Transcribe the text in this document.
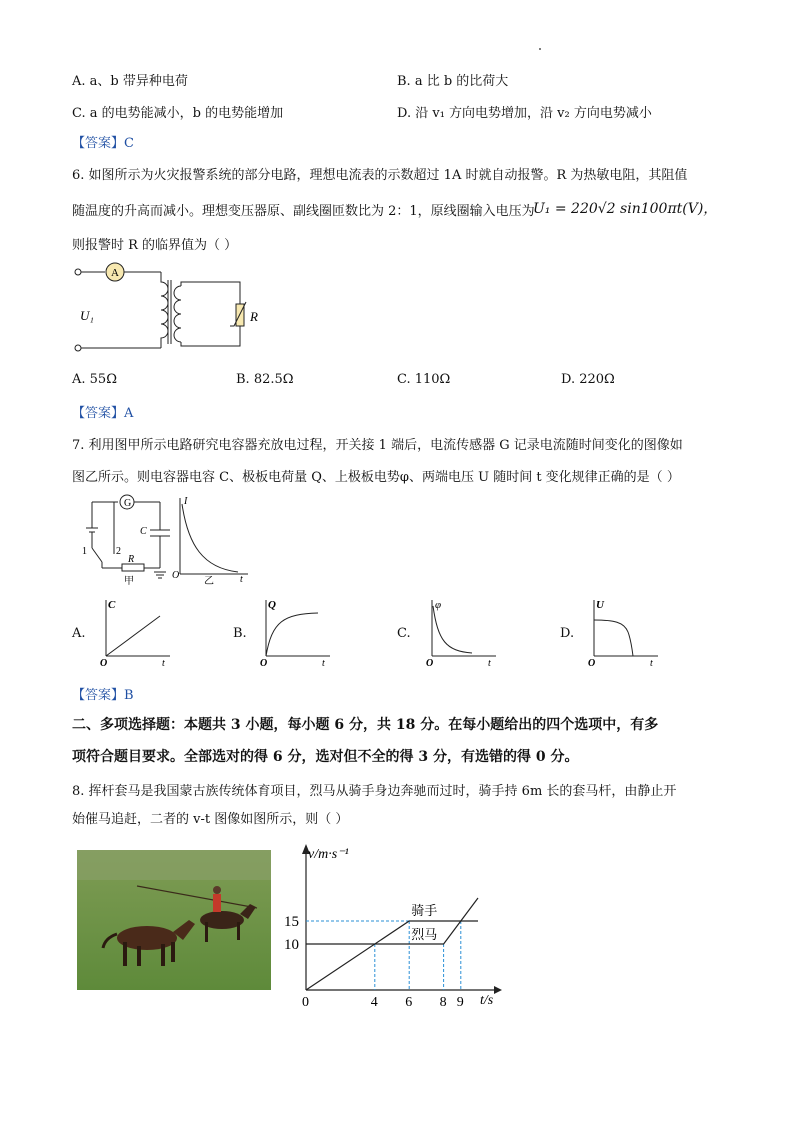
A. a、b 带异种电荷	B. a 比 b 的比荷大
C. a 的电势能减小，b 的电势能增加	D. 沿 v₁ 方向电势增加，沿 v₂ 方向电势减小
【答案】C
6. 如图所示为火灾报警系统的部分电路，理想电流表的示数超过 1A 时就自动报警。R 为热敏电阻，其阻值
随温度的升高而减小。理想变压器原、副线圈匝数比为 2：1，原线圈输入电压为
U₁ = 220√2 sin100πt(V)，
则报警时 R 的临界值为（ ）
A
U₁	R
A. 55Ω	B. 82.5Ω	C. 110Ω	D. 220Ω
【答案】A
7. 利用图甲所示电路研究电容器充放电过程，开关接 1 端后，电流传感器 G 记录电流随时间变化的图像如
图乙所示。则电容器电容 C、极板电荷量 Q、上极板电势φ、两端电压 U 随时间 t 变化规律正确的是（ ）
G
C
1	2
R
甲
I
O
乙	t
A.
C
O	t
B.
Q
O	t
C.
φ
O	t
D.
U
O	t
【答案】B
二、多项选择题：本题共 3 小题，每小题 6 分，共 18 分。在每小题给出的四个选项中，有多
项符合题目要求。全部选对的得 6 分，选对但不全的得 3 分，有选错的得 0 分。
8. 挥杆套马是我国蒙古族传统体育项目，烈马从骑手身边奔驰而过时，骑手持 6m 长的套马杆，由静止开
始催马追赶，二者的 v-t 图像如图所示，则（ ）
v/m·s⁻¹
t/s
10
15
0	4 6 8 9
骑手
烈马
